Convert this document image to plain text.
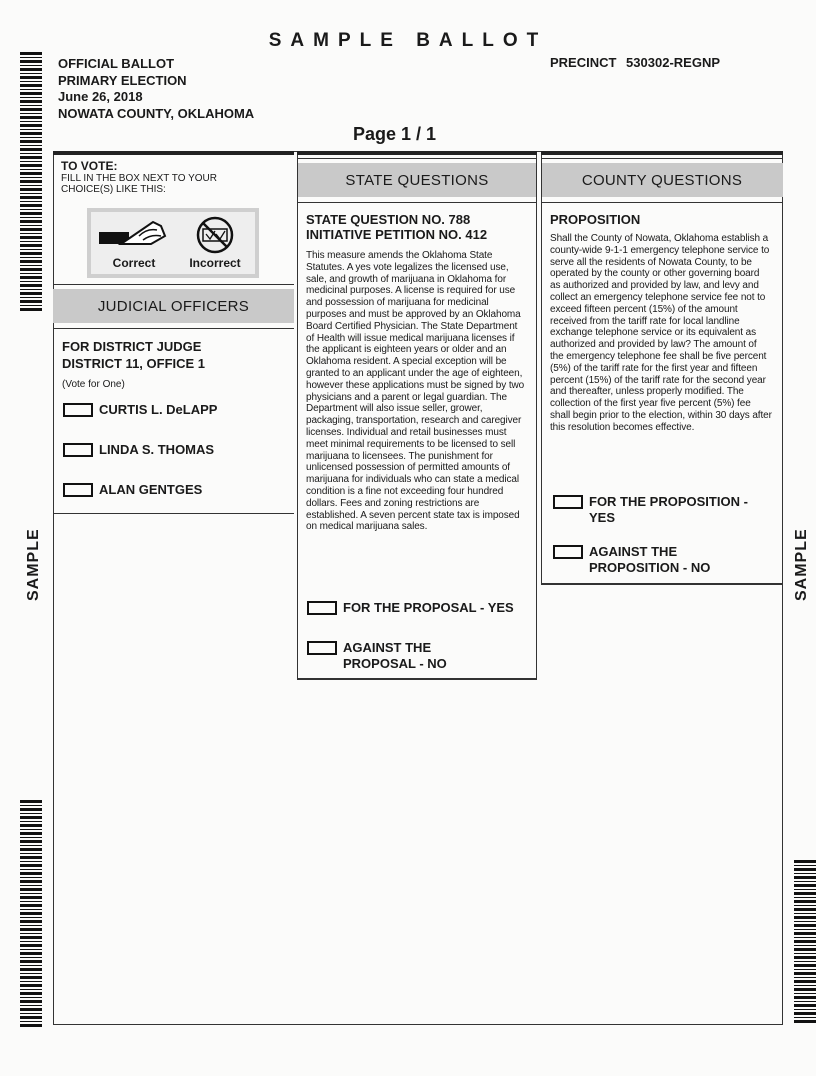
SAMPLE BALLOT
OFFICIAL BALLOT
PRIMARY ELECTION
June 26, 2018
NOWATA COUNTY, OKLAHOMA
PRECINCT 530302-REGNP
Page 1 / 1
SAMPLE	SAMPLE
TO VOTE:
FILL IN THE BOX NEXT TO YOUR CHOICE(S) LIKE THIS:
Correct	Incorrect
JUDICIAL OFFICERS
FOR DISTRICT JUDGE
DISTRICT 11, OFFICE 1
(Vote for One)
CURTIS L. DeLAPP
LINDA S. THOMAS
ALAN GENTGES
STATE QUESTIONS
STATE QUESTION NO. 788
INITIATIVE PETITION NO. 412
This measure amends the Oklahoma State Statutes. A yes vote legalizes the licensed use, sale, and growth of marijuana in Oklahoma for medicinal purposes. A license is required for use and possession of marijuana for medicinal purposes and must be approved by an Oklahoma Board Certified Physician. The State Department of Health will issue medical marijuana licenses if the applicant is eighteen years or older and an Oklahoma resident. A special exception will be granted to an applicant under the age of eighteen, however these applications must be signed by two physicians and a parent or legal guardian. The Department will also issue seller, grower, packaging, transportation, research and caregiver licenses. Individual and retail businesses must meet minimal requirements to be licensed to sell marijuana to licensees. The punishment for unlicensed possession of permitted amounts of marijuana for individuals who can state a medical condition is a fine not exceeding four hundred dollars. Fees and zoning restrictions are established. A seven percent state tax is imposed on medical marijuana sales.
FOR THE PROPOSAL - YES
AGAINST THE PROPOSAL - NO
COUNTY QUESTIONS
PROPOSITION
Shall the County of Nowata, Oklahoma establish a county-wide 9-1-1 emergency telephone service to serve all the residents of Nowata County, to be operated by the county or other governing board as authorized and provided by law, and levy and collect an emergency telephone service fee not to exceed fifteen percent (15%) of the amount received from the tariff rate for local landline exchange telephone service or its equivalent as authorized and provided by law? The amount of the emergency telephone fee shall be five percent (5%) of the tariff rate for the first year and fifteen percent (15%) of the tariff rate for the second year and thereafter, unless properly modified. The collection of the first year five percent (5%) fee shall begin prior to the election, within 30 days after this resolution becomes effective.
FOR THE PROPOSITION - YES
AGAINST THE PROPOSITION - NO
